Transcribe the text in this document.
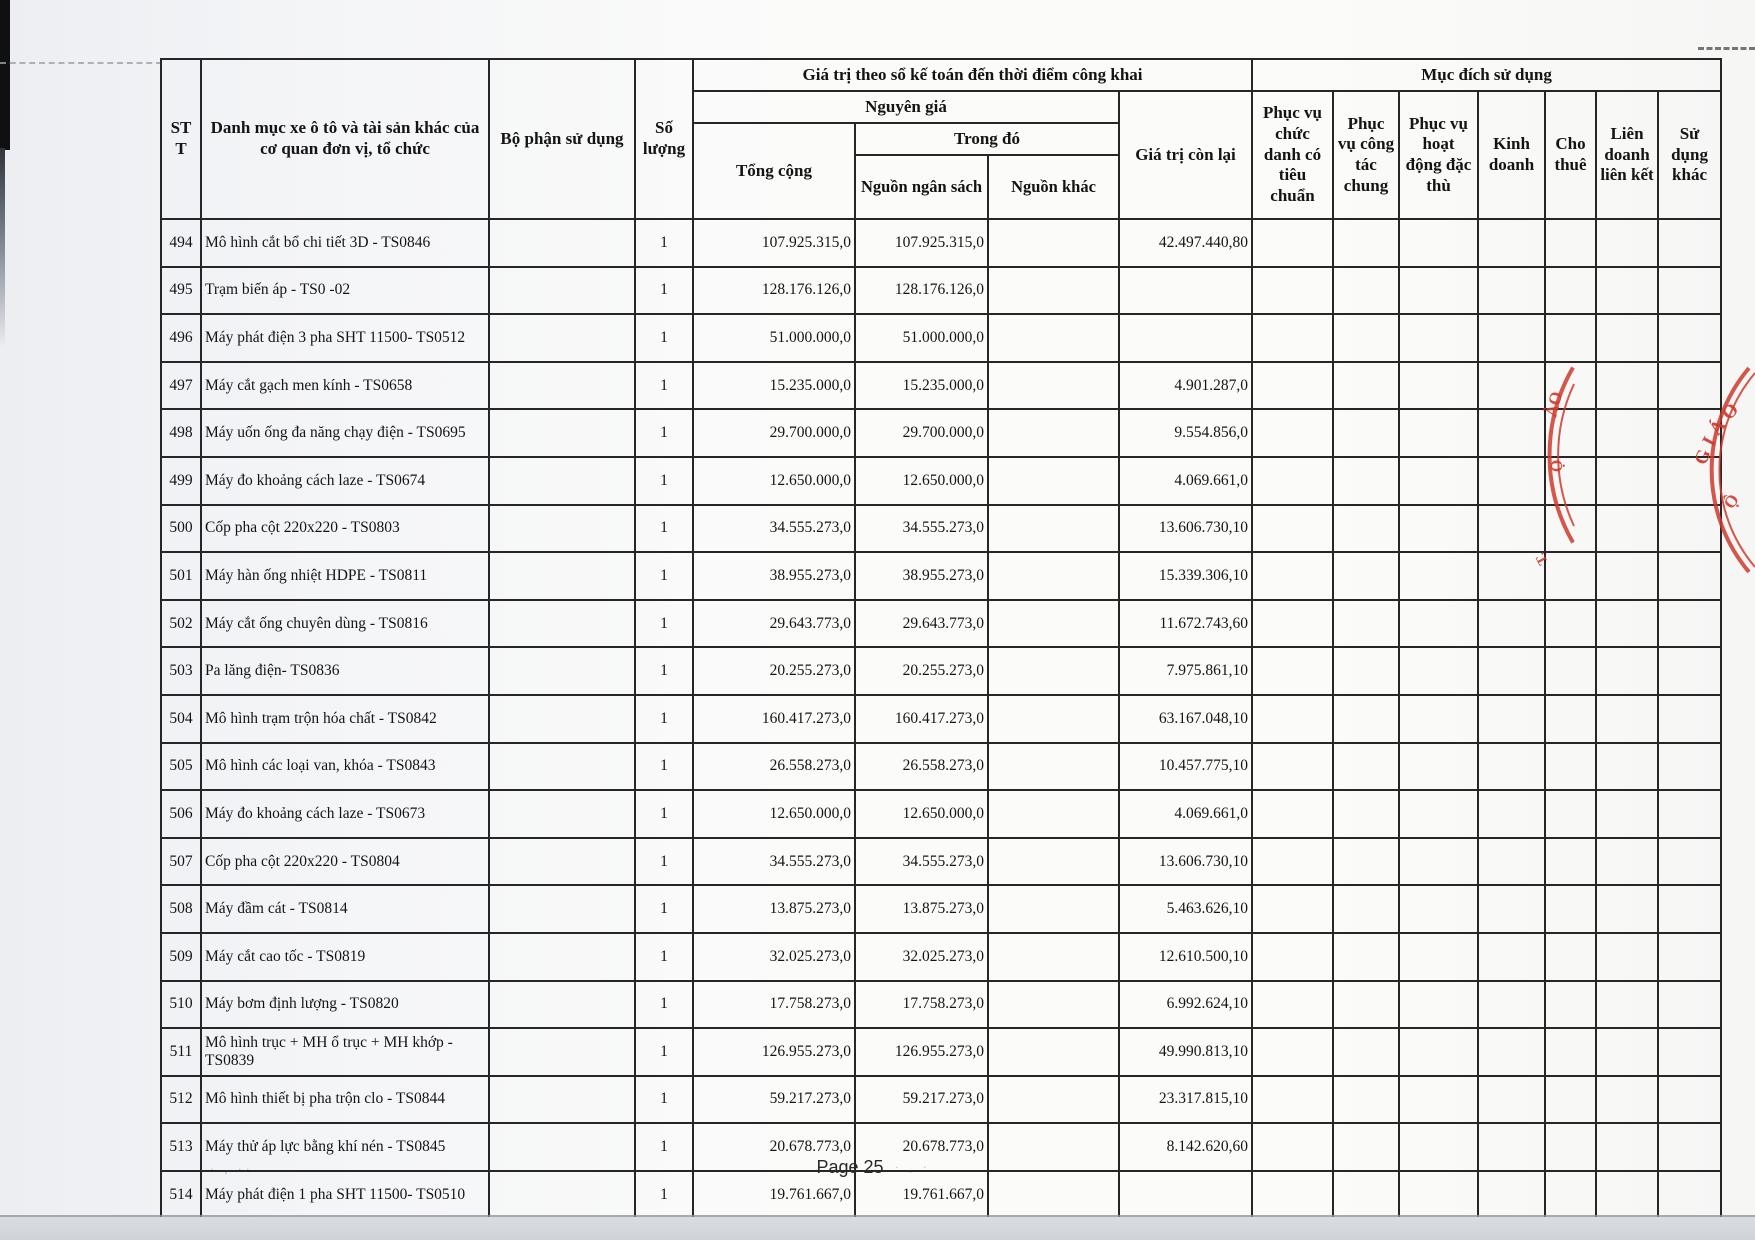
· , ··	· , ·
ST T	Danh mục xe ô tô và tài sản khác của cơ quan đơn vị, tổ chức	Bộ phận sử dụng	Số lượng	Giá trị theo sổ kế toán đến thời điểm công khai				Mục đích sử dụng						
				Nguyên giá			Giá trị còn lại	Phục vụ chức danh có tiêu chuẩn	Phục vụ công tác chung	Phục vụ hoạt động đặc thù	Kinh doanh	Cho thuê	Liên doanh liên kết	Sử dụng khác
				Tổng cộng	Trong đó									
					Nguồn ngân sách	Nguồn khác								
494	Mô hình cắt bổ chi tiết 3D - TS0846		1	107.925.315,0	107.925.315,0		42.497.440,80							
495	Trạm biến áp - TS0 -02		1	128.176.126,0	128.176.126,0									
496	Máy phát điện 3 pha SHT 11500- TS0512		1	51.000.000,0	51.000.000,0									
497	Máy cắt gạch men kính - TS0658		1	15.235.000,0	15.235.000,0		4.901.287,0							
498	Máy uốn ống đa năng chạy điện - TS0695		1	29.700.000,0	29.700.000,0		9.554.856,0							
499	Máy đo khoảng cách laze - TS0674		1	12.650.000,0	12.650.000,0		4.069.661,0							
500	Cốp pha cột 220x220 - TS0803		1	34.555.273,0	34.555.273,0		13.606.730,10							
501	Máy hàn ống nhiệt HDPE - TS0811		1	38.955.273,0	38.955.273,0		15.339.306,10							
502	Máy cắt ống chuyên dùng - TS0816		1	29.643.773,0	29.643.773,0		11.672.743,60							
503	Pa lăng điện- TS0836		1	20.255.273,0	20.255.273,0		7.975.861,10							
504	Mô hình trạm trộn hóa chất - TS0842		1	160.417.273,0	160.417.273,0		63.167.048,10							
505	Mô hình các loại van, khóa - TS0843		1	26.558.273,0	26.558.273,0		10.457.775,10							
506	Máy đo khoảng cách laze - TS0673		1	12.650.000,0	12.650.000,0		4.069.661,0							
507	Cốp pha cột 220x220 - TS0804		1	34.555.273,0	34.555.273,0		13.606.730,10							
508	Máy đầm cát - TS0814		1	13.875.273,0	13.875.273,0		5.463.626,10							
509	Máy cắt cao tốc - TS0819		1	32.025.273,0	32.025.273,0		12.610.500,10							
510	Máy bơm định lượng - TS0820		1	17.758.273,0	17.758.273,0		6.992.624,10							
511	Mô hình trục + MH ổ trục + MH khớp - TS0839		1	126.955.273,0	126.955.273,0		49.990.813,10							
512	Mô hình thiết bị pha trộn clo - TS0844		1	59.217.273,0	59.217.273,0		23.317.815,10							
513	Máy thử áp lực bằng khí nén - TS0845		1	20.678.773,0	20.678.773,0		8.142.620,60							
514	Máy phát điện 1 pha SHT 11500- TS0510		1	19.761.667,0	19.761.667,0									
ÀO
Ọ
T.
GIÁO
Ộ
Page 25
